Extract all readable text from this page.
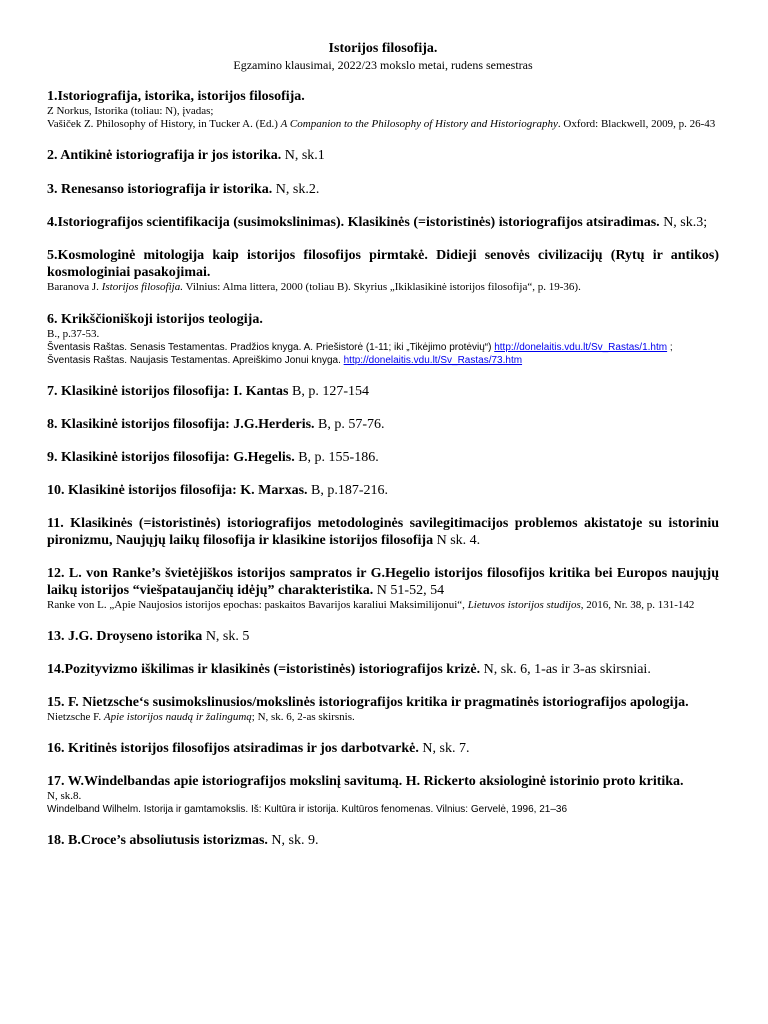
Istorijos filosofija.

Egzamino klausimai, 2022/23 mokslo metai, rudens semestras

1.Istoriografija, istorika, istorijos filosofija.
Z Norkus, Istorika (toliau: N), įvadas;
Vašiček Z. Philosophy of History, in Tucker A. (Ed.) A Companion to the Philosophy of History and Historiography. Oxford: Blackwell, 2009, p. 26-43
2. Antikinė istoriografija ir jos istorika. N, sk.1
3. Renesanso istoriografija ir istorika. N, sk.2.
4.Istoriografijos scientifikacija (susimokslinimas). Klasikinės (=istoristinės) istoriografijos atsiradimas. N, sk.3;
5.Kosmologinė mitologija kaip istorijos filosofijos pirmtakė. Didieji senovės civilizacijų (Rytų ir antikos) kosmologiniai pasakojimai.
Baranova J. Istorijos filosofija. Vilnius: Alma littera, 2000 (toliau B). Skyrius „Ikiklasikinė istorijos filosofija“, p. 19-36).
6. Krikščioniškoji istorijos teologija.
B., p.37-53.
Šventasis Raštas. Senasis Testamentas. Pradžios knyga. A. Priešistorė (1-11; iki „Tikėjimo protėvių“) http://donelaitis.vdu.lt/Sv_Rastas/1.htm ;
Šventasis Raštas. Naujasis Testamentas. Apreiškimo Jonui knyga. http://donelaitis.vdu.lt/Sv_Rastas/73.htm
7. Klasikinė istorijos filosofija: I. Kantas B, p. 127-154
8. Klasikinė istorijos filosofija: J.G.Herderis. B, p. 57-76.
9. Klasikinė istorijos filosofija: G.Hegelis. B, p. 155-186.
10. Klasikinė istorijos filosofija: K. Marxas. B, p.187-216.
11. Klasikinės (=istoristinės) istoriografijos metodologinės savilegitimacijos problemos akistatoje su istoriniu pironizmu, Naujųjų laikų filosofija ir klasikine istorijos filosofija N sk. 4.
12. L. von Ranke’s švietėjiškos istorijos sampratos ir G.Hegelio istorijos filosofijos kritika bei Europos naujųjų laikų istorijos “viešpataujančių idėjų” charakteristika. N 51-52, 54
Ranke von L. „Apie Naujosios istorijos epochas: paskaitos Bavarijos karaliui Maksimilijonui“, Lietuvos istorijos studijos, 2016, Nr. 38, p. 131-142
13. J.G. Droyseno istorika N, sk. 5
14.Pozityvizmo iškilimas ir klasikinės (=istoristinės) istoriografijos krizė. N, sk. 6, 1-as ir 3-as skirsniai.
15. F. Nietzsche‘s susimokslinusios/mokslinės istoriografijos kritika ir pragmatinės istoriografijos apologija.
Nietzsche F. Apie istorijos naudą ir žalingumą; N, sk. 6, 2-as skirsnis.
16. Kritinės istorijos filosofijos atsiradimas ir jos darbotvarkė. N, sk. 7.
17. W.Windelbandas apie istoriografijos mokslinį savitumą. H. Rickerto aksiologinė istorinio proto kritika.
N, sk.8.
Windelband Wilhelm. Istorija ir gamtamokslis. Iš: Kultūra ir istorija. Kultūros fenomenas. Vilnius: Gervelė, 1996, 21–36
18. B.Croce’s absoliutusis istorizmas. N, sk. 9.
